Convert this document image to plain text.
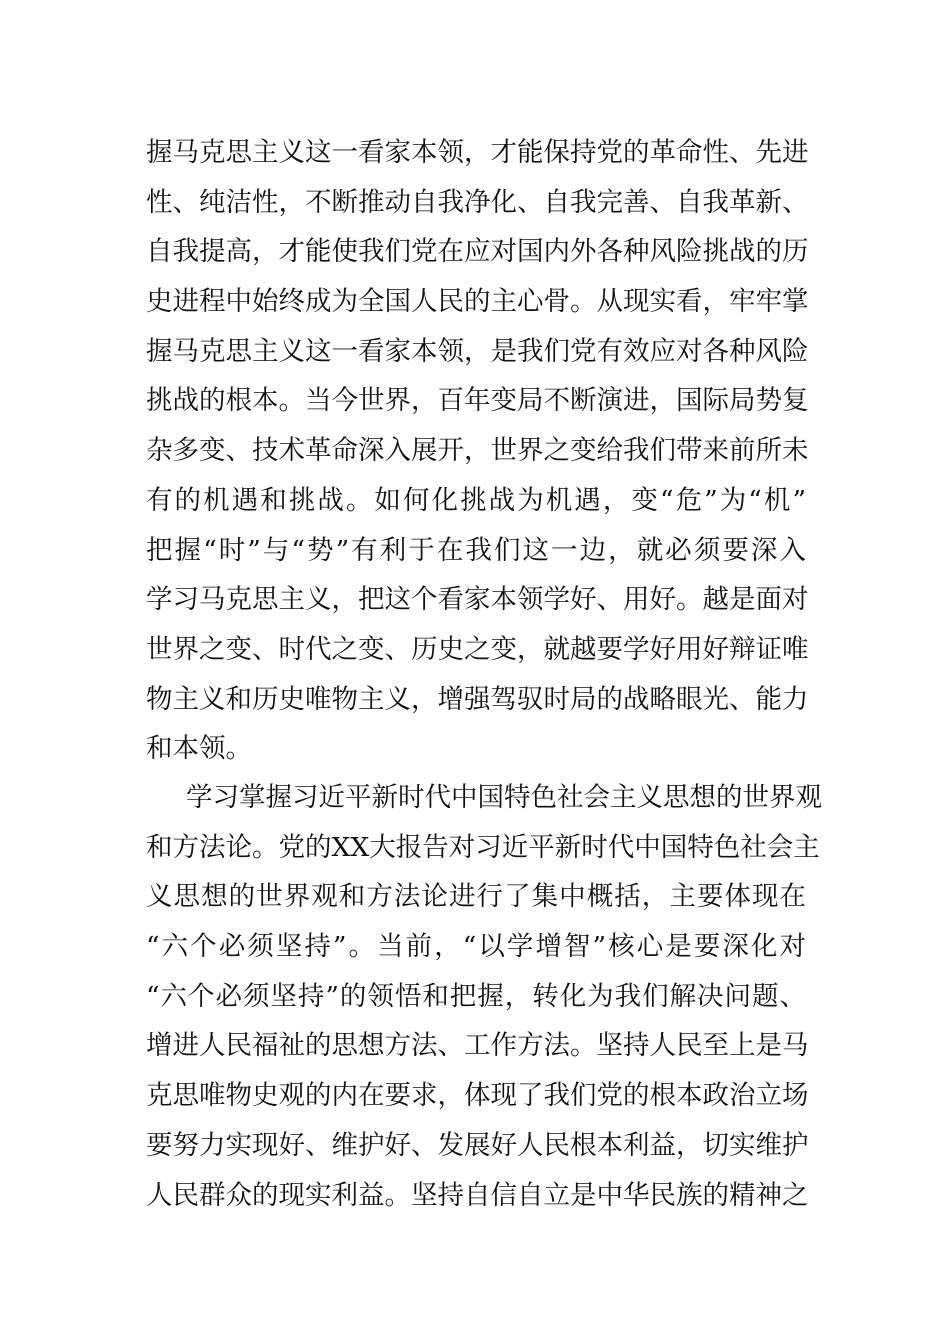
握马克思主义这一看家本领，才能保持党的革命性、先进
性、纯洁性，不断推动自我净化、自我完善、自我革新、
自我提高，才能使我们党在应对国内外各种风险挑战的历
史进程中始终成为全国人民的主心骨。从现实看，牢牢掌
握马克思主义这一看家本领，是我们党有效应对各种风险
挑战的根本。当今世界，百年变局不断演进，国际局势复
杂多变、技术革命深入展开，世界之变给我们带来前所未
有的机遇和挑战。如何化挑战为机遇，变“危”为“机”
把握“时”与“势”有利于在我们这一边，就必须要深入
学习马克思主义，把这个看家本领学好、用好。越是面对
世界之变、时代之变、历史之变，就越要学好用好辩证唯
物主义和历史唯物主义，增强驾驭时局的战略眼光、能力
和本领。
学习掌握习近平新时代中国特色社会主义思想的世界观
和方法论。党的XX大报告对习近平新时代中国特色社会主
义思想的世界观和方法论进行了集中概括，主要体现在
“六个必须坚持”。当前，“以学增智”核心是要深化对
“六个必须坚持”的领悟和把握，转化为我们解决问题、
增进人民福祉的思想方法、工作方法。坚持人民至上是马
克思唯物史观的内在要求，体现了我们党的根本政治立场
要努力实现好、维护好、发展好人民根本利益，切实维护
人民群众的现实利益。坚持自信自立是中华民族的精神之
